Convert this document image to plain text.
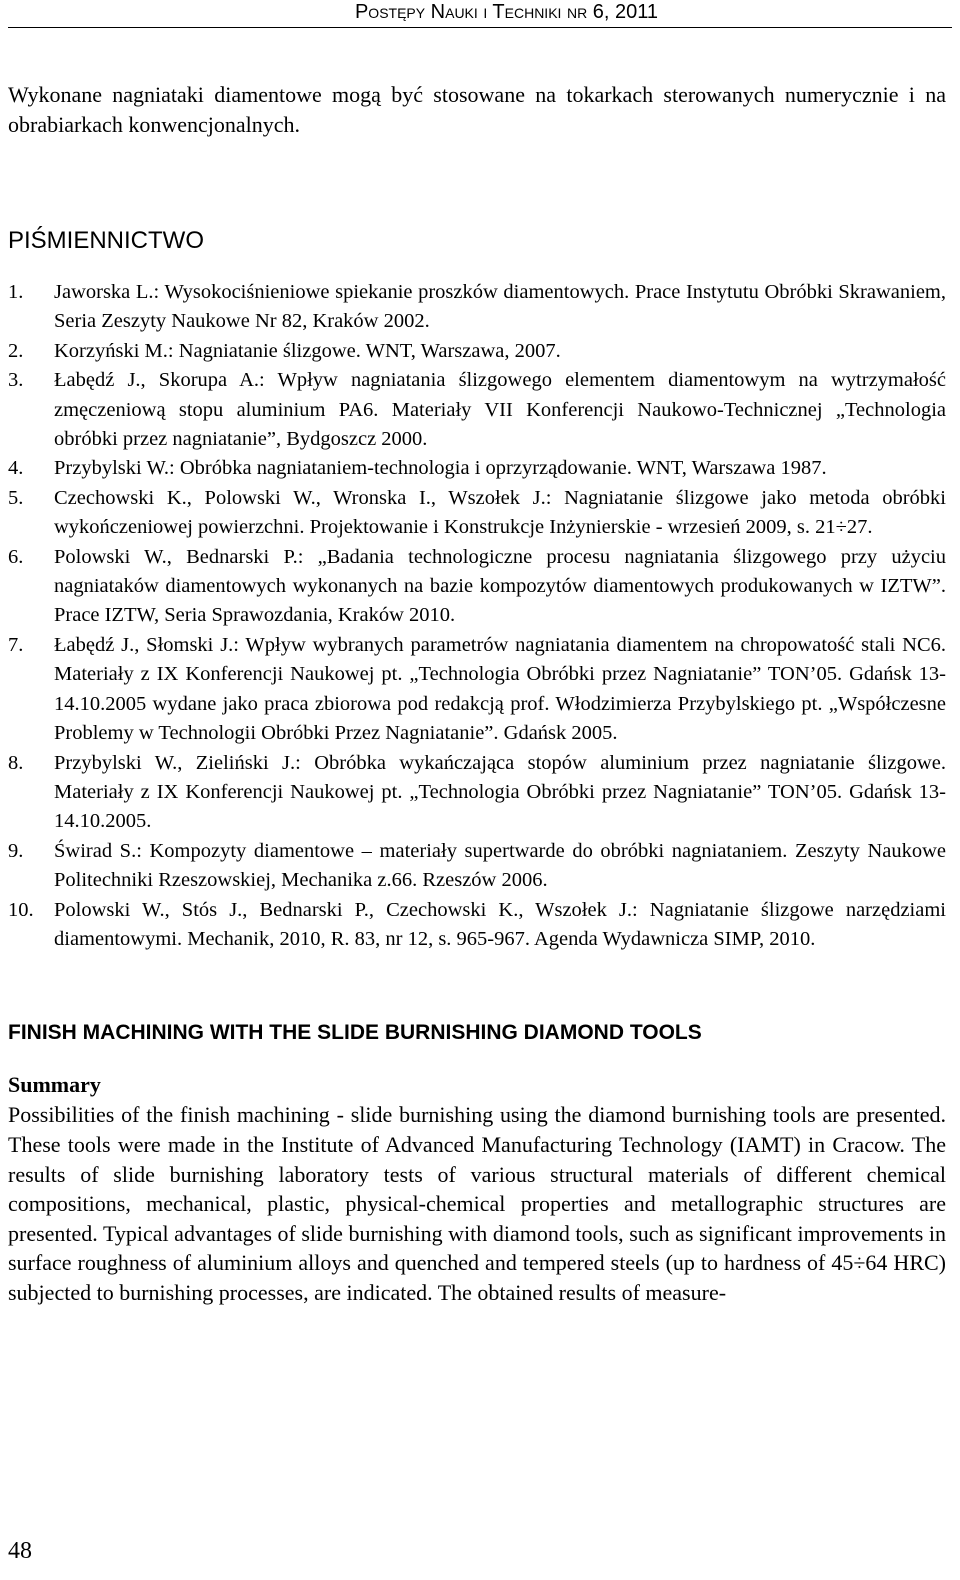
Postępy Nauki i Techniki nr 6, 2011

Wykonane nagniataki diamentowe mogą być stosowane na tokarkach sterowanych numerycznie i na obrabiarkach konwencjonalnych.

PIŚMIENNICTWO
1. Jaworska L.: Wysokociśnieniowe spiekanie proszków diamentowych. Prace Instytutu Obróbki Skrawaniem, Seria Zeszyty Naukowe Nr 82, Kraków 2002.
2. Korzyński M.: Nagniatanie ślizgowe. WNT, Warszawa, 2007.
3. Łabędź J., Skorupa A.: Wpływ nagniatania ślizgowego elementem diamentowym na wytrzymałość zmęczeniową stopu aluminium PA6. Materiały VII Konferencji Naukowo-Technicznej „Technologia obróbki przez nagniatanie”, Bydgoszcz 2000.
4. Przybylski W.: Obróbka nagniataniem-technologia i oprzyrządowanie. WNT, Warszawa 1987.
5. Czechowski K., Polowski W., Wronska I., Wszołek J.: Nagniatanie ślizgowe jako metoda obróbki wykończeniowej powierzchni. Projektowanie i Konstrukcje Inżynierskie - wrzesień 2009, s. 21÷27.
6. Polowski W., Bednarski P.: „Badania technologiczne procesu nagniatania ślizgowego przy użyciu nagniataków diamentowych wykonanych na bazie kompozytów diamentowych produkowanych w IZTW”. Prace IZTW, Seria Sprawozdania, Kraków 2010.
7. Łabędź J., Słomski J.: Wpływ wybranych parametrów nagniatania diamentem na chropowatość stali NC6. Materiały z IX Konferencji Naukowej pt. „Technologia Obróbki przez Nagniatanie” TON’05. Gdańsk 13-14.10.2005 wydane jako praca zbiorowa pod redakcją prof. Włodzimierza Przybylskiego pt. „Współczesne Problemy w Technologii Obróbki Przez Nagniatanie”. Gdańsk 2005.
8. Przybylski W., Zieliński J.: Obróbka wykańczająca stopów aluminium przez nagniatanie ślizgowe. Materiały z IX Konferencji Naukowej pt. „Technologia Obróbki przez Nagniatanie” TON’05. Gdańsk 13-14.10.2005.
9. Świrad S.: Kompozyty diamentowe – materiały supertwarde do obróbki nagniataniem. Zeszyty Naukowe Politechniki Rzeszowskiej, Mechanika z.66. Rzeszów 2006.
10. Polowski W., Stós J., Bednarski P., Czechowski K., Wszołek J.: Nagniatanie ślizgowe narzędziami diamentowymi. Mechanik, 2010, R. 83, nr 12, s. 965-967. Agenda Wydawnicza SIMP, 2010.
FINISH MACHINING WITH THE SLIDE BURNISHING DIAMOND TOOLS
Summary

Possibilities of the finish machining - slide burnishing using the diamond burnishing tools are presented. These tools were made in the Institute of Advanced Manufacturing Technology (IAMT) in Cracow. The results of slide burnishing laboratory tests of various structural materials of different chemical compositions, mechanical, plastic, physical-chemical properties and metallographic structures are presented. Typical advantages of slide burnishing with diamond tools, such as significant improvements in surface roughness of aluminium alloys and quenched and tempered steels (up to hardness of 45÷64 HRC) subjected to burnishing processes, are indicated. The obtained results of measure-

48
